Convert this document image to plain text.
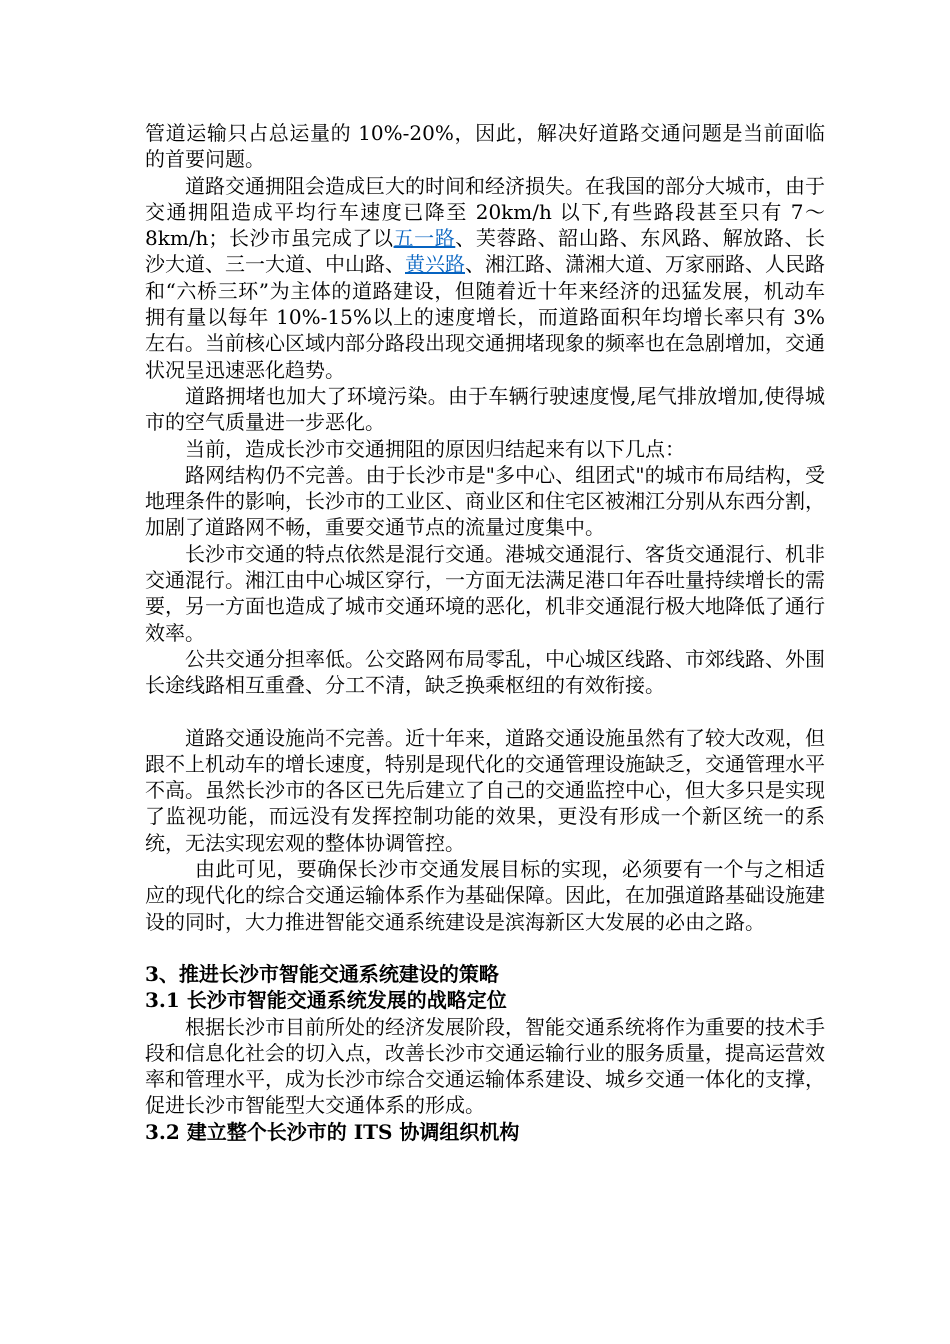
管道运输只占总运量的 10%-20%，因此，解决好道路交通问题是当前面临的首要问题。

道路交通拥阻会造成巨大的时间和经济损失。在我国的部分大城市，由于交通拥阻造成平均行车速度已降至 20km/h 以下,有些路段甚至只有 7～8km/h；长沙市虽完成了以五一路、芙蓉路、韶山路、东风路、解放路、长沙大道、三一大道、中山路、黄兴路、湘江路、潇湘大道、万家丽路、人民路和“六桥三环”为主体的道路建设，但随着近十年来经济的迅猛发展，机动车拥有量以每年 10%-15%以上的速度增长，而道路面积年均增长率只有 3%左右。当前核心区域内部分路段出现交通拥堵现象的频率也在急剧增加，交通状况呈迅速恶化趋势。

道路拥堵也加大了环境污染。由于车辆行驶速度慢,尾气排放增加,使得城市的空气质量进一步恶化。

当前，造成长沙市交通拥阻的原因归结起来有以下几点：

路网结构仍不完善。由于长沙市是"多中心、组团式"的城市布局结构，受地理条件的影响，长沙市的工业区、商业区和住宅区被湘江分别从东西分割，加剧了道路网不畅，重要交通节点的流量过度集中。

长沙市交通的特点依然是混行交通。港城交通混行、客货交通混行、机非交通混行。湘江由中心城区穿行，一方面无法满足港口年吞吐量持续增长的需要，另一方面也造成了城市交通环境的恶化，机非交通混行极大地降低了通行效率。

公共交通分担率低。公交路网布局零乱，中心城区线路、市郊线路、外围长途线路相互重叠、分工不清，缺乏换乘枢纽的有效衔接。

道路交通设施尚不完善。近十年来，道路交通设施虽然有了较大改观，但跟不上机动车的增长速度，特别是现代化的交通管理设施缺乏，交通管理水平不高。虽然长沙市的各区已先后建立了自己的交通监控中心，但大多只是实现了监视功能，而远没有发挥控制功能的效果，更没有形成一个新区统一的系统，无法实现宏观的整体协调管控。

由此可见，要确保长沙市交通发展目标的实现，必须要有一个与之相适应的现代化的综合交通运输体系作为基础保障。因此，在加强道路基础设施建设的同时，大力推进智能交通系统建设是滨海新区大发展的必由之路。

3、推进长沙市智能交通系统建设的策略

3.1 长沙市智能交通系统发展的战略定位

根据长沙市目前所处的经济发展阶段，智能交通系统将作为重要的技术手段和信息化社会的切入点，改善长沙市交通运输行业的服务质量，提高运营效率和管理水平，成为长沙市综合交通运输体系建设、城乡交通一体化的支撑，促进长沙市智能型大交通体系的形成。

3.2 建立整个长沙市的 ITS 协调组织机构
